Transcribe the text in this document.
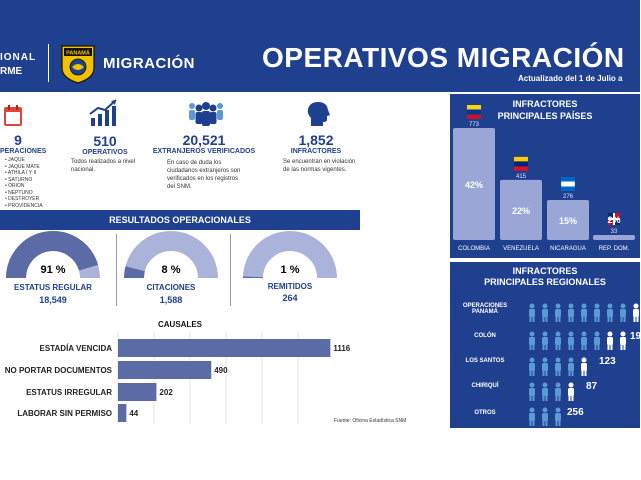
IONAL
RME
PANAMÁ
MIGRACIÓN OPERATIVOS MIGRACIÓN
Actualizado del 1 de Julio a
9
PERACIONES
• JAQUE
• JAQUE MATE
• ATHILA I Y II
• SATURNO
• ORIÓN
• NEPTUNO
• DESTROYER
• PROVIDENCIA
510
OPERATIVOS
Todos realizados a nivel nacional.
20,521
EXTRANJEROS VERIFICADOS
En caso de duda los ciudadanos extranjeros son verificados en los registros del SNM.
1,852
INFRACTORES
Se encuentran en violación de las normas vigentes.
RESULTADOS OPERACIONALES
91 %
ESTATUS REGULAR
18,549
8 %
CITACIONES
1,588
1 %
REMITIDOS
264
CAUSALES
ESTADÍA VENCIDA	1116
NO PORTAR DOCUMENTOS	490
ESTATUS IRREGULAR	202
LABORAR SIN PERMISO 44
Fuente: Oficina Estadística SNM
INFRACTORES
PRINCIPALES PAÍSES
773
42%
COLOMBIA
415
22%
VENEZUELA
276
15%
NICARAGUA
33
2%
REP. DOM.
INFRACTORES
PRINCIPALES REGIONALES
OPERACIONES
PANAMÁ
COLÓN
LOS SANTOS
CHIRIQUÍ
OTROS
19
123
87
256
